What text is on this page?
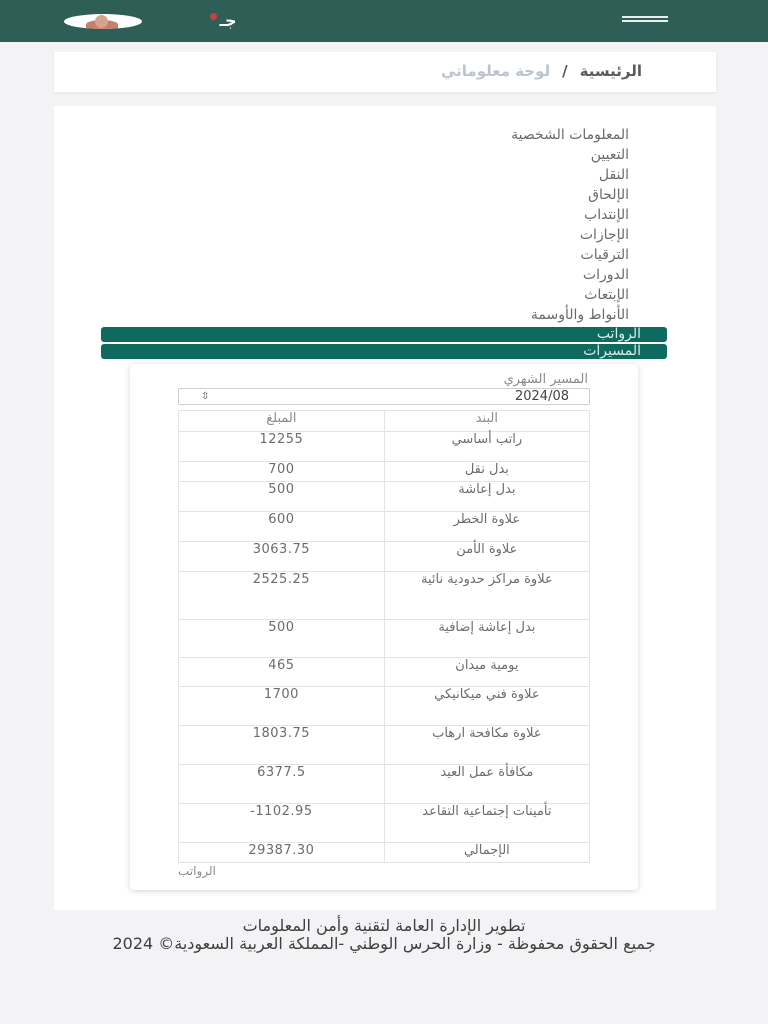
جـ
الرئيسية
/
لوحة معلوماتي
المعلومات الشخصية
التعيين
النقل
الإلحاق
الإنتداب
الإجازات
الترقيات
الدورات
الإبتعاث
الأنواط والأوسمة
الرواتب
المسيرات
المسير الشهري
2024/08
⇳
البند	المبلغ
راتب أساسي	12255
بدل نقل	700
بدل إعاشة	500
علاوة الخطر	600
علاوة الأمن	3063.75
علاوة مراكز حدودية نائية	2525.25
بدل إعاشة إضافية	500
يومية ميدان	465
علاوة فني ميكانيكي	1700
علاوة مكافحة ارهاب	1803.75
مكافأة عمل العيد	6377.5
تأمينات إجتماعية التقاعد	-1102.95
الإجمالي	29387.30
الرواتب

تطوير الإدارة العامة لتقنية وأمن المعلومات

جميع الحقوق محفوظة - وزارة الحرس الوطني -المملكة العربية السعودية© 2024
